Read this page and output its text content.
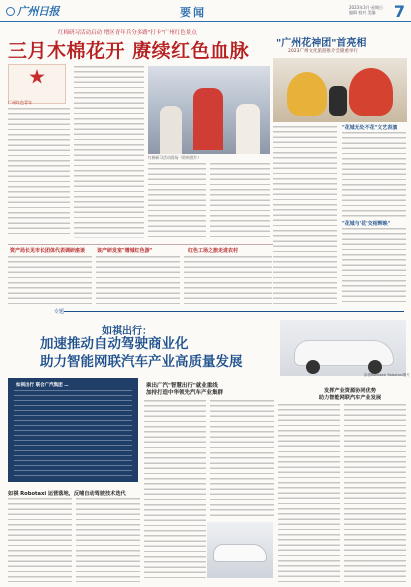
广州日报	要闻	2023年3月·星期日 编辑 校对 美编	7
红棉研习活动启动 增区青年兵分多路"打卡"广州红色景点
三月木棉花开 赓续红色血脉
广州红色青年
红棉研习活动现场（资料图片）
"广州花神团"首亮相
2023广州文化旅游推介会隆重举行
"花城无处不花"文艺表演
"花城与'花'交相辉映"
资产局长见市长团体代表调研座谈 该产研发室"增城红色游"	红色工场之旅走进农村
专题
如祺出行：
加速推动自动驾驶商业化
助力智能网联汽车产业高质量发展
如祺Robotaxi Robotaxi图片
如祺出行 联合广汽集团 …	乘出广汽"智慧出行"就业重线
加持打造中华领先汽车产业集群
如祺 Robotaxi 运营落地，反哺自动驾驶技术迭代
发挥产业资源协同优势
助力智能网联汽车产业发展
